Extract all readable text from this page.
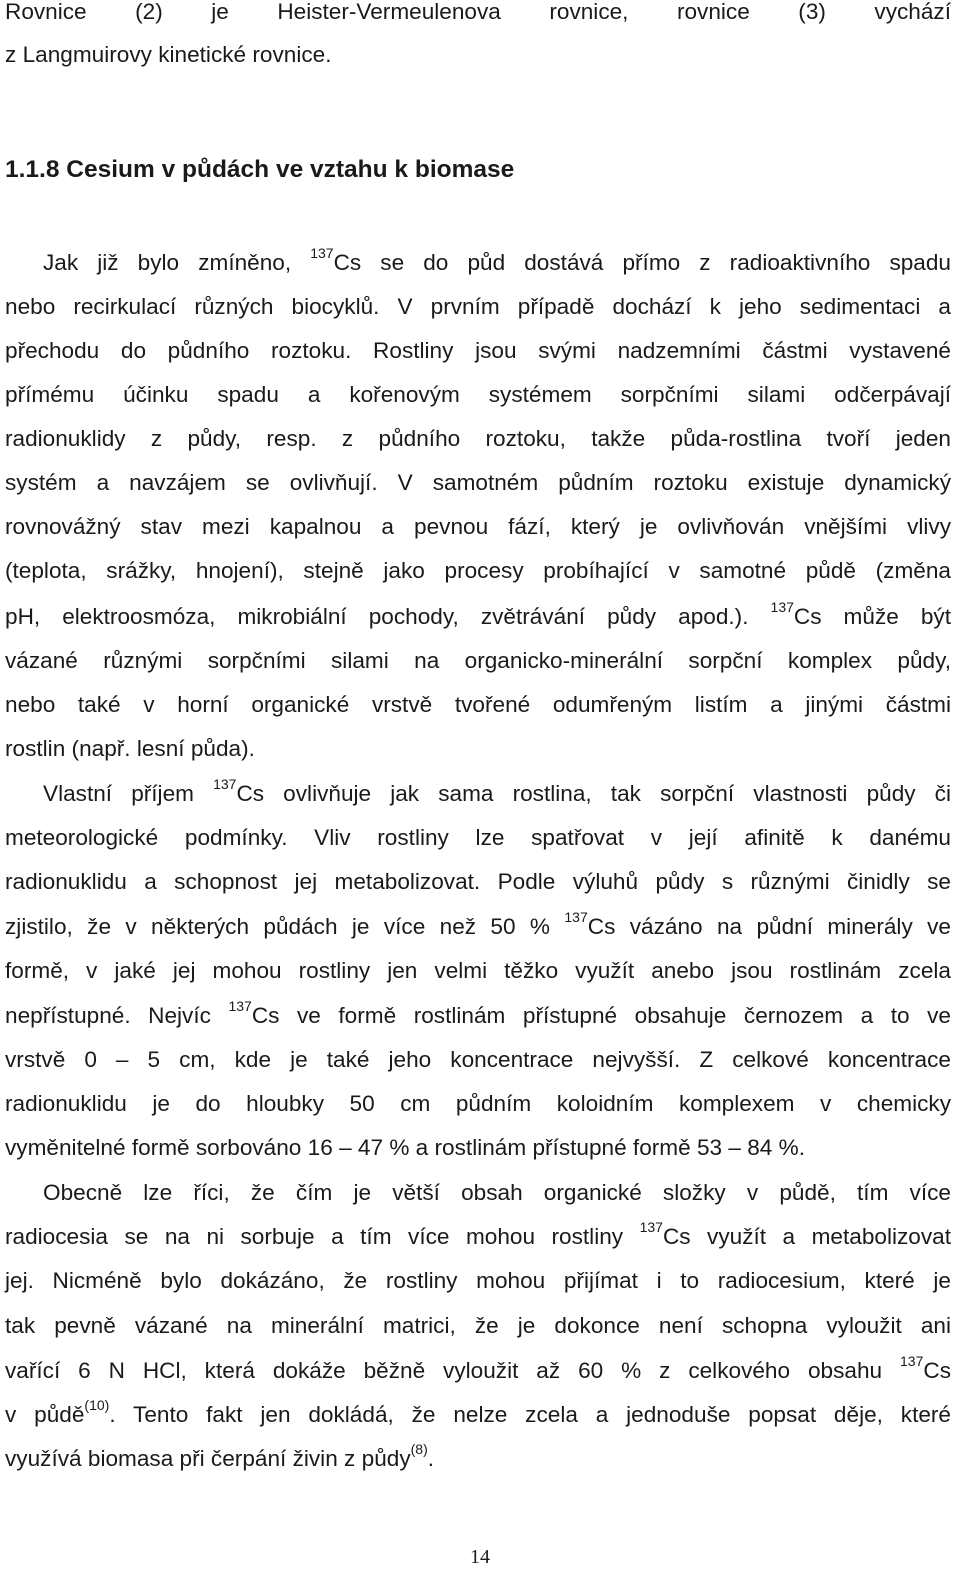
Rovnice (2) je Heister-Vermeulenova rovnice, rovnice (3) vychází

z Langmuirovy kinetické rovnice.

1.1.8 Cesium v půdách ve vztahu k biomase

Jak již bylo zmíněno, $^{137}$Cs se do půd dostává přímo z radioaktivního spadu

nebo recirkulací různých biocyklů. V prvním případě dochází k jeho sedimentaci a

přechodu do půdního roztoku. Rostliny jsou svými nadzemními částmi vystavené

přímému účinku spadu a kořenovým systémem sorpčními silami odčerpávají

radionuklidy z půdy, resp. z půdního roztoku, takže půda-rostlina tvoří jeden

systém a navzájem se ovlivňují. V samotném půdním roztoku existuje dynamický

rovnovážný stav mezi kapalnou a pevnou fází, který je ovlivňován vnějšími vlivy

(teplota, srážky, hnojení), stejně jako procesy probíhající v samotné půdě (změna

pH, elektroosmóza, mikrobiální pochody, zvětrávání půdy apod.). $^{137}$Cs může být

vázané různými sorpčními silami na organicko-minerální sorpční komplex půdy,

nebo také v horní organické vrstvě tvořené odumřeným listím a jinými částmi

rostlin (např. lesní půda).

Vlastní příjem $^{137}$Cs ovlivňuje jak sama rostlina, tak sorpční vlastnosti půdy či

meteorologické podmínky. Vliv rostliny lze spatřovat v její afinitě k danému

radionuklidu a schopnost jej metabolizovat. Podle výluhů půdy s různými činidly se

zjistilo, že v některých půdách je více než 50 % $^{137}$Cs vázáno na půdní minerály ve

formě, v jaké jej mohou rostliny jen velmi těžko využít anebo jsou rostlinám zcela

nepřístupné. Nejvíc $^{137}$Cs ve formě rostlinám přístupné obsahuje černozem a to ve

vrstvě 0 – 5 cm, kde je také jeho koncentrace nejvyšší. Z celkové koncentrace

radionuklidu je do hloubky 50 cm půdním koloidním komplexem v chemicky

vyměnitelné formě sorbováno 16 – 47 % a rostlinám přístupné formě 53 – 84 %.

Obecně lze říci, že čím je větší obsah organické složky v půdě, tím více

radiocesia se na ni sorbuje a tím více mohou rostliny $^{137}$Cs využít a metabolizovat

jej. Nicméně bylo dokázáno, že rostliny mohou přijímat i to radiocesium, které je

tak pevně vázané na minerální matrici, že je dokonce není schopna vyloužit ani

vařící 6 N HCl, která dokáže běžně vyloužit až 60 % z celkového obsahu $^{137}$Cs

v půdě$^{(10)}$. Tento fakt jen dokládá, že nelze zcela a jednoduše popsat děje, které

využívá biomasa při čerpání živin z půdy$^{(8)}$.

14
